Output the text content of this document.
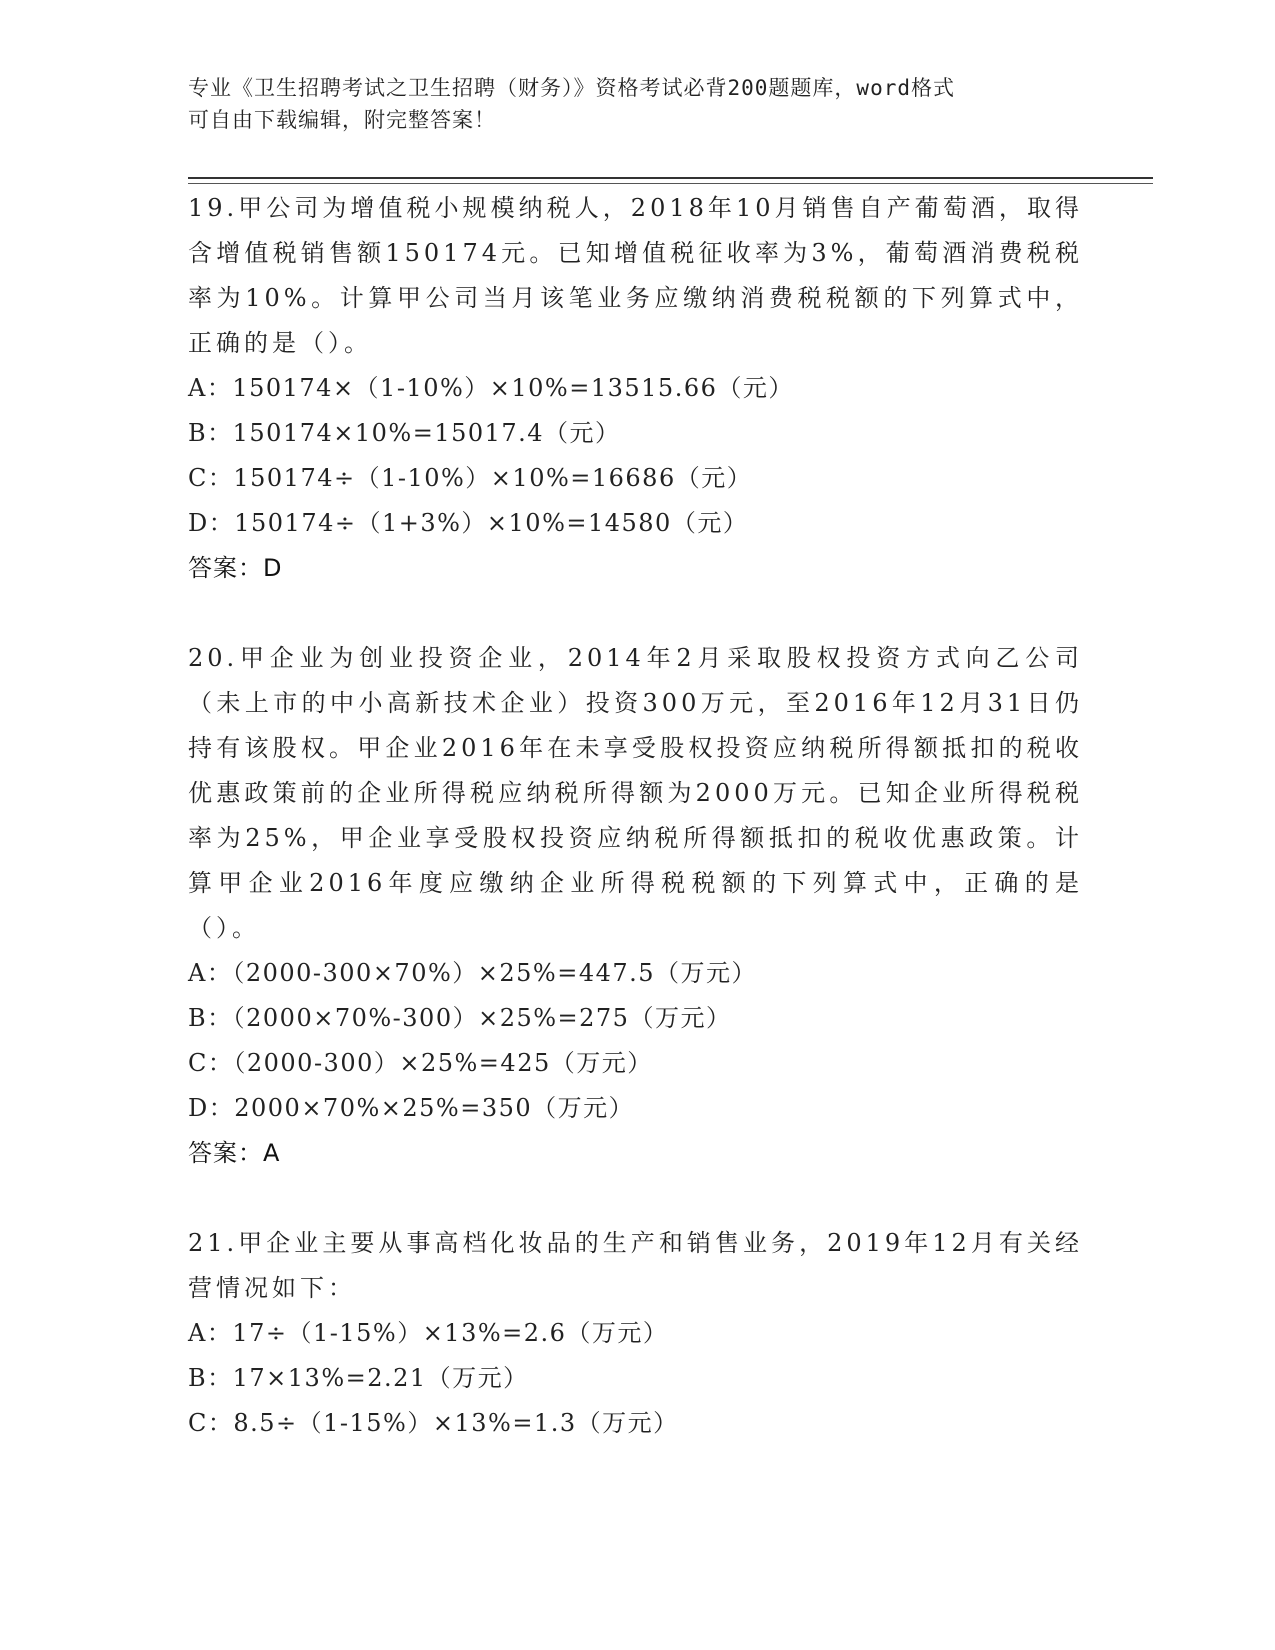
专业《卫生招聘考试之卫生招聘（财务）》资格考试必背200题题库，word格式
可自由下载编辑，附完整答案！
19.甲公司为增值税小规模纳税人，2018年10月销售自产葡萄酒，取得含增值税销售额150174元。已知增值税征收率为3%，葡萄酒消费税税率为10%。计算甲公司当月该笔业务应缴纳消费税税额的下列算式中，正确的是（）。
A：150174×（1-10%）×10%=13515.66（元）
B：150174×10%=15017.4（元）
C：150174÷（1-10%）×10%=16686（元）
D：150174÷（1+3%）×10%=14580（元）
答案：D
20.甲企业为创业投资企业，2014年2月采取股权投资方式向乙公司（未上市的中小高新技术企业）投资300万元，至2016年12月31日仍持有该股权。甲企业2016年在未享受股权投资应纳税所得额抵扣的税收优惠政策前的企业所得税应纳税所得额为2000万元。已知企业所得税税率为25%，甲企业享受股权投资应纳税所得额抵扣的税收优惠政策。计算甲企业2016年度应缴纳企业所得税税额的下列算式中，正确的是（）。
A：（2000-300×70%）×25%=447.5（万元）
B：（2000×70%-300）×25%=275（万元）
C：（2000-300）×25%=425（万元）
D：2000×70%×25%=350（万元）
答案：A
21.甲企业主要从事高档化妆品的生产和销售业务，2019年12月有关经营情况如下：
A：17÷（1-15%）×13%=2.6（万元）
B：17×13%=2.21（万元）
C：8.5÷（1-15%）×13%=1.3（万元）
